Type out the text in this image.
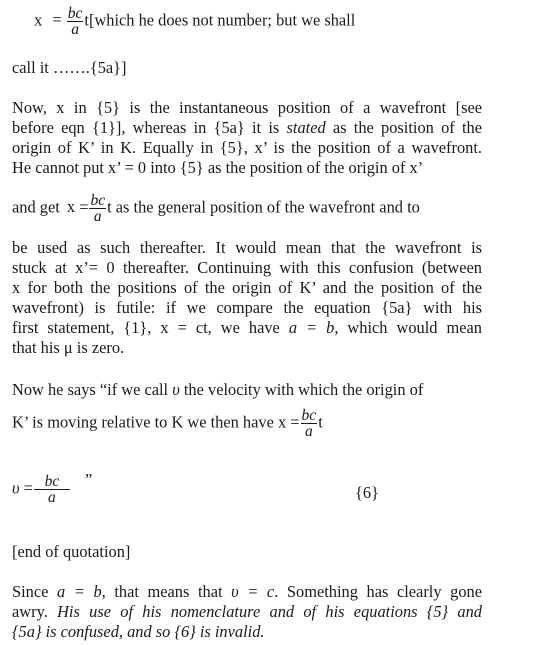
$x = \frac{bc}{a}$ t[which he does not number; but we shall
call it …….{5a}]
Now, x in {5} is the instantaneous position of a wavefront [see
before eqn {1}], whereas in {5a} it is stated as the position of the
origin of K’ in K. Equally in {5}, x’ is the position of a wavefront.
He cannot put x’ = 0 into {5} as the position of the origin of x’
and get $x = \frac{bc}{a}$ t as the general position of the wavefront and to
be used as such thereafter. It would mean that the wavefront is
stuck at x’= 0 thereafter. Continuing with this confusion (between
x for both the positions of the origin of K’ and the position of the
wavefront) is futile: if we compare the equation {5a} with his
first statement, {1}, x = ct, we have a = b, which would mean
that his μ is zero.
Now he says “if we call υ the velocity with which the origin of
K’ is moving relative to K we then have $x = \frac{bc}{a}$ t
$\upsilon = \frac{bc}{a}$ ”
{6}
[end of quotation]
Since a = b, that means that υ = c. Something has clearly gone
awry. His use of his nomenclature and of his equations {5} and
{5a} is confused, and so {6} is invalid.
